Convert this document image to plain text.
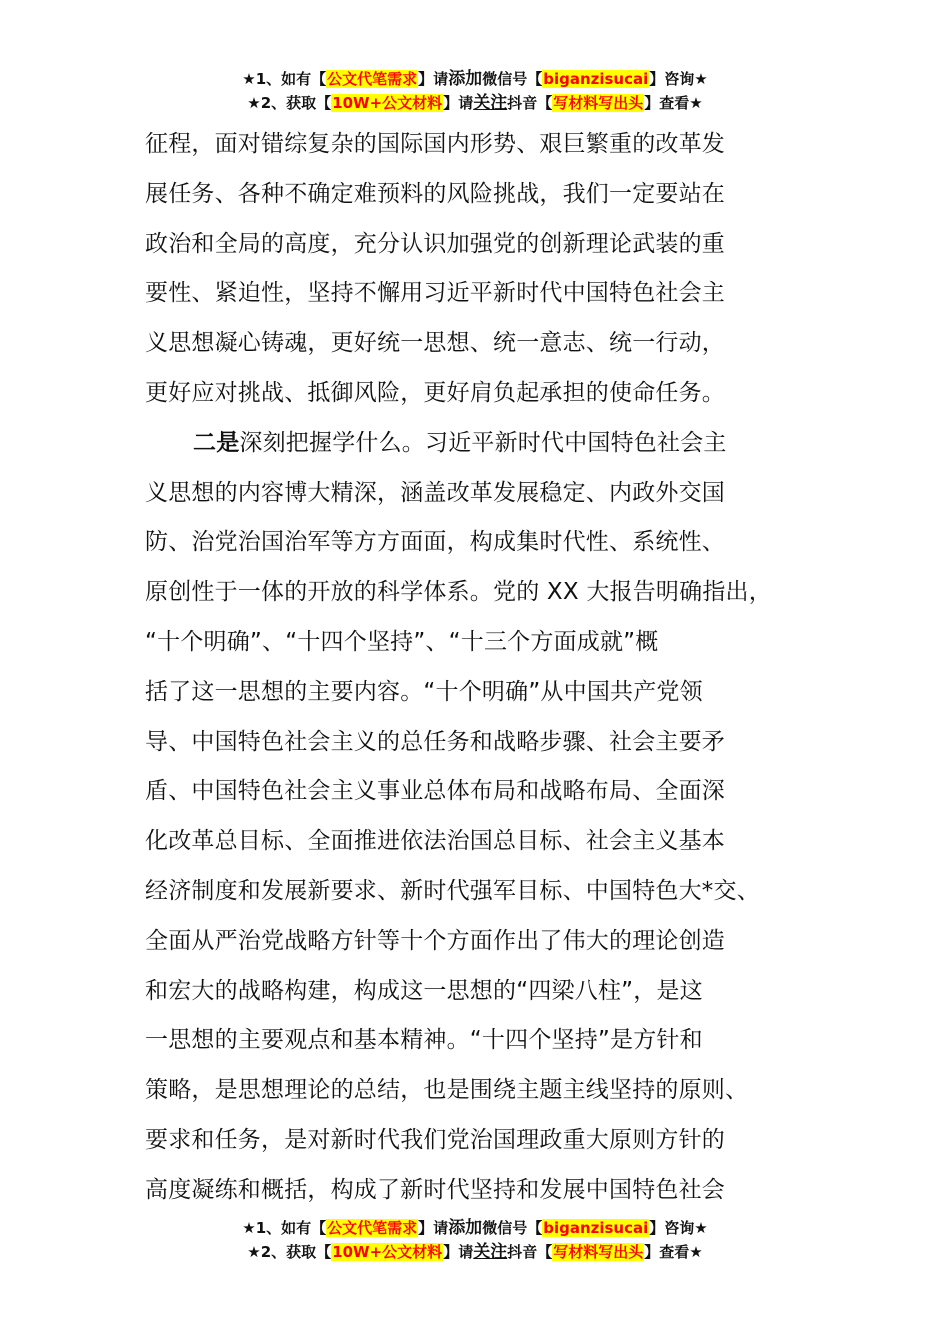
★1、如有【公文代笔需求】请添加微信号【biganzisucai】咨询★
★2、获取【10W+公文材料】请关注抖音【写材料写出头】查看★
征程，面对错综复杂的国际国内形势、艰巨繁重的改革发
展任务、各种不确定难预料的风险挑战，我们一定要站在
政治和全局的高度，充分认识加强党的创新理论武装的重
要性、紧迫性，坚持不懈用习近平新时代中国特色社会主
义思想凝心铸魂，更好统一思想、统一意志、统一行动，
更好应对挑战、抵御风险，更好肩负起承担的使命任务。
二是深刻把握学什么。习近平新时代中国特色社会主
义思想的内容博大精深，涵盖改革发展稳定、内政外交国
防、治党治国治军等方方面面，构成集时代性、系统性、
原创性于一体的开放的科学体系。党的 XX 大报告明确指出，
“十个明确”、“十四个坚持”、“十三个方面成就”概
括了这一思想的主要内容。“十个明确”从中国共产党领
导、中国特色社会主义的总任务和战略步骤、社会主要矛
盾、中国特色社会主义事业总体布局和战略布局、全面深
化改革总目标、全面推进依法治国总目标、社会主义基本
经济制度和发展新要求、新时代强军目标、中国特色大*交、
全面从严治党战略方针等十个方面作出了伟大的理论创造
和宏大的战略构建，构成这一思想的“四梁八柱”，是这
一思想的主要观点和基本精神。“十四个坚持”是方针和
策略，是思想理论的总结，也是围绕主题主线坚持的原则、
要求和任务，是对新时代我们党治国理政重大原则方针的
高度凝练和概括，构成了新时代坚持和发展中国特色社会
★1、如有【公文代笔需求】请添加微信号【biganzisucai】咨询★
★2、获取【10W+公文材料】请关注抖音【写材料写出头】查看★
